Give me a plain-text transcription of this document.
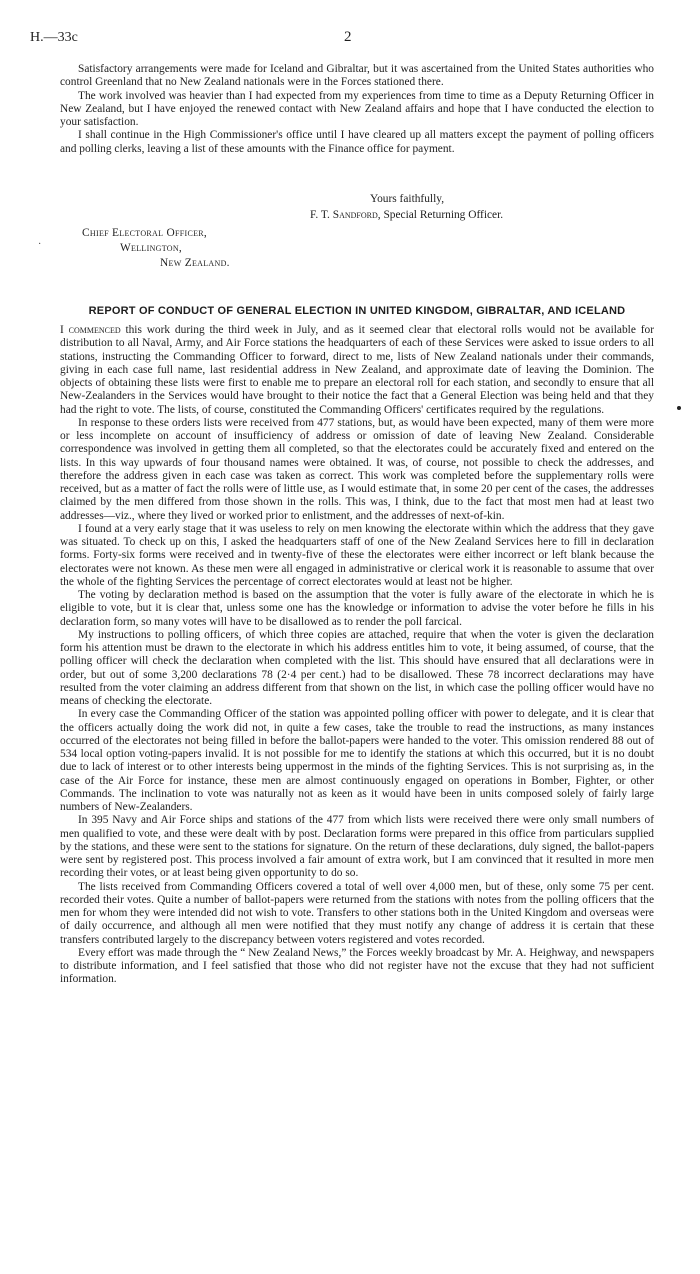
H.—33c	2

Satisfactory arrangements were made for Iceland and Gibraltar, but it was ascertained from the United States authorities who control Greenland that no New Zealand nationals were in the Forces stationed there.

The work involved was heavier than I had expected from my experiences from time to time as a Deputy Returning Officer in New Zealand, but I have enjoyed the renewed contact with New Zealand affairs and hope that I have conducted the election to your satisfaction.

I shall continue in the High Commissioner's office until I have cleared up all matters except the payment of polling officers and polling clerks, leaving a list of these amounts with the Finance office for payment.

Yours faithfully,
F. T. Sandford, Special Returning Officer.
·
Chief Electoral Officer,
Wellington,
New Zealand.
REPORT OF CONDUCT OF GENERAL ELECTION IN UNITED KINGDOM, GIBRALTAR, AND ICELAND

I commenced this work during the third week in July, and as it seemed clear that electoral rolls would not be available for distribution to all Naval, Army, and Air Force stations the headquarters of each of these Services were asked to issue orders to all stations, instructing the Commanding Officer to forward, direct to me, lists of New Zealand nationals under their commands, giving in each case full name, last residential address in New Zealand, and approximate date of leaving the Dominion. The objects of obtaining these lists were first to enable me to prepare an electoral roll for each station, and secondly to ensure that all New-Zealanders in the Services would have brought to their notice the fact that a General Election was being held and that they had the right to vote. The lists, of course, constituted the Commanding Officers' certificates required by the regulations.

In response to these orders lists were received from 477 stations, but, as would have been expected, many of them were more or less incomplete on account of insufficiency of address or omission of date of leaving New Zealand. Considerable correspondence was involved in getting them all completed, so that the electorates could be accurately fixed and entered on the lists. In this way upwards of four thousand names were obtained. It was, of course, not possible to check the addresses, and therefore the address given in each case was taken as correct. This work was completed before the supplementary rolls were received, but as a matter of fact the rolls were of little use, as I would estimate that, in some 20 per cent of the cases, the addresses claimed by the men differed from those shown in the rolls. This was, I think, due to the fact that most men had at least two addresses—viz., where they lived or worked prior to enlistment, and the addresses of next-of-kin.

I found at a very early stage that it was useless to rely on men knowing the electorate within which the address that they gave was situated. To check up on this, I asked the headquarters staff of one of the New Zealand Services here to fill in declaration forms. Forty-six forms were received and in twenty-five of these the electorates were either incorrect or left blank because the electorates were not known. As these men were all engaged in administrative or clerical work it is reasonable to assume that over the whole of the fighting Services the percentage of correct electorates would at least not be higher.

The voting by declaration method is based on the assumption that the voter is fully aware of the electorate in which he is eligible to vote, but it is clear that, unless some one has the knowledge or information to advise the voter before he fills in his declaration form, so many votes will have to be disallowed as to render the poll farcical.

My instructions to polling officers, of which three copies are attached, require that when the voter is given the declaration form his attention must be drawn to the electorate in which his address entitles him to vote, it being assumed, of course, that the polling officer will check the declaration when completed with the list. This should have ensured that all declarations were in order, but out of some 3,200 declarations 78 (2·4 per cent.) had to be disallowed. These 78 incorrect declarations may have resulted from the voter claiming an address different from that shown on the list, in which case the polling officer would have no means of checking the electorate.

In every case the Commanding Officer of the station was appointed polling officer with power to delegate, and it is clear that the officers actually doing the work did not, in quite a few cases, take the trouble to read the instructions, as many instances occurred of the electorates not being filled in before the ballot-papers were handed to the voter. This omission rendered 88 out of 534 local option voting-papers invalid. It is not possible for me to identify the stations at which this occurred, but it is no doubt due to lack of interest or to other interests being uppermost in the minds of the fighting Services. This is not surprising as, in the case of the Air Force for instance, these men are almost continuously engaged on operations in Bomber, Fighter, or other Commands. The inclination to vote was naturally not as keen as it would have been in units composed solely of fairly large numbers of New-Zealanders.

In 395 Navy and Air Force ships and stations of the 477 from which lists were received there were only small numbers of men qualified to vote, and these were dealt with by post. Declaration forms were prepared in this office from particulars supplied by the stations, and these were sent to the stations for signature. On the return of these declarations, duly signed, the ballot-papers were sent by registered post. This process involved a fair amount of extra work, but I am convinced that it resulted in more men recording their votes, or at least being given opportunity to do so.

The lists received from Commanding Officers covered a total of well over 4,000 men, but of these, only some 75 per cent. recorded their votes. Quite a number of ballot-papers were returned from the stations with notes from the polling officers that the men for whom they were intended did not wish to vote. Transfers to other stations both in the United Kingdom and overseas were of daily occurrence, and although all men were notified that they must notify any change of address it is certain that these transfers contributed largely to the discrepancy between voters registered and votes recorded.

Every effort was made through the “ New Zealand News,” the Forces weekly broadcast by Mr. A. Heighway, and newspapers to distribute information, and I feel satisfied that those who did not register have not the excuse that they had not sufficient information.
